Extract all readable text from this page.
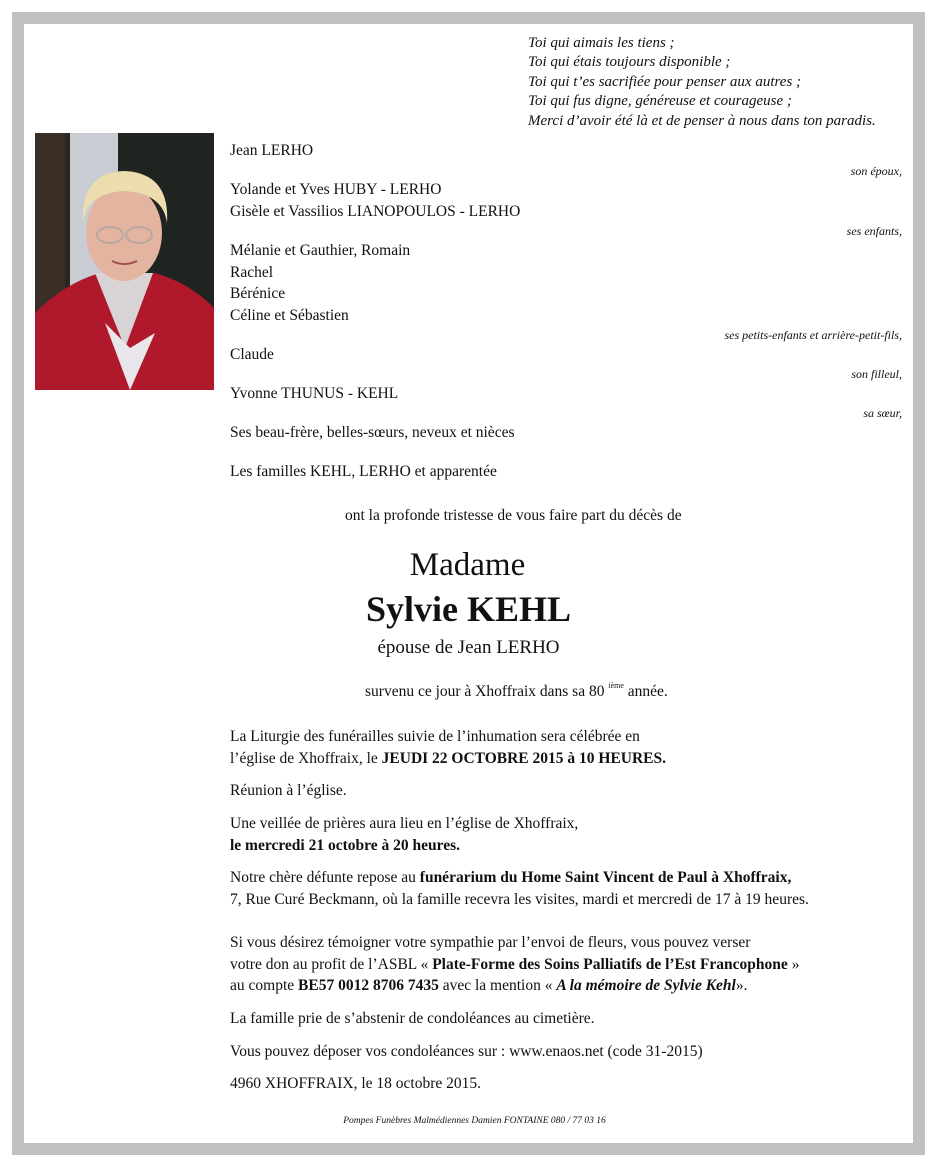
Toi qui aimais les tiens ;
Toi qui étais toujours disponible ;
Toi qui t’es sacrifiée pour penser aux autres ;
Toi qui fus digne, généreuse et courageuse ;
Merci d’avoir été là et de penser à nous dans ton paradis.
Jean LERHO
son époux,
Yolande et Yves HUBY - LERHO
Gisèle et Vassilios LIANOPOULOS - LERHO
ses enfants,
Mélanie et Gauthier, Romain
Rachel
Bérénice
Céline et Sébastien
ses petits-enfants et arrière-petit-fils,
Claude
son filleul,
Yvonne THUNUS - KEHL
sa sœur,
Ses beau-frère, belles-sœurs, neveux et nièces
Les familles KEHL, LERHO et apparentée
ont la profonde tristesse de vous faire part du décès de
Madame
Sylvie KEHL
épouse de Jean LERHO
survenu ce jour à Xhoffraix dans sa 80 $^{ième}$ année.
La Liturgie des funérailles suivie de l’inhumation sera célébrée en
l’église de Xhoffraix, le JEUDI 22 OCTOBRE 2015 à 10 HEURES.
Réunion à l’église.
Une veillée de prières aura lieu en l’église de Xhoffraix,
le mercredi 21 octobre à 20 heures.
Notre chère défunte repose au funérarium du Home Saint Vincent de Paul à Xhoffraix,
7, Rue Curé Beckmann, où la famille recevra les visites, mardi et mercredi de 17 à 19 heures.
Si vous désirez témoigner votre sympathie par l’envoi de fleurs, vous pouvez verser
votre don au profit de l’ASBL « Plate-Forme des Soins Palliatifs de l’Est Francophone »
au compte BE57 0012 8706 7435 avec la mention « A la mémoire de Sylvie Kehl».
La famille prie de s’abstenir de condoléances au cimetière.
Vous pouvez déposer vos condoléances sur : www.enaos.net (code 31-2015)
4960 XHOFFRAIX, le 18 octobre 2015.
Pompes Funèbres Malmédiennes Damien FONTAINE 080 / 77 03 16
